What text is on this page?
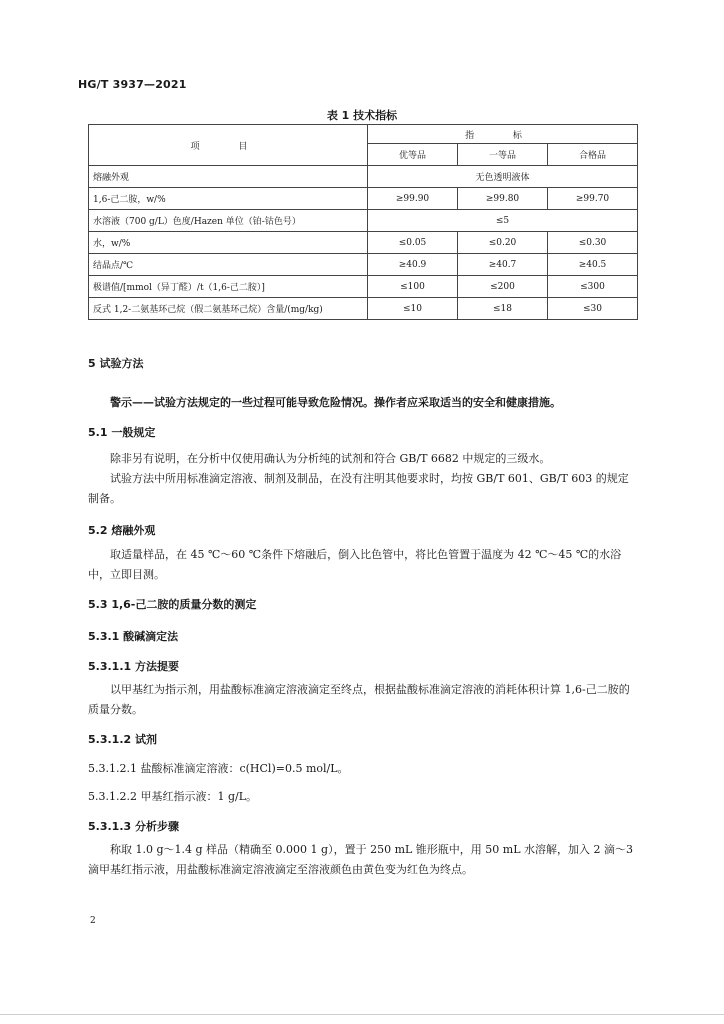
HG/T 3937—2021
表 1 技术指标
项 目	指 标		
	优等品	一等品	合格品
熔融外观	无色透明液体		
1,6-己二胺，w/%	≥99.90	≥99.80	≥99.70
水溶液（700 g/L）色度/Hazen 单位（铂-钴色号）	≤5		
水，w/%	≤0.05	≤0.20	≤0.30
结晶点/℃	≥40.9	≥40.7	≥40.5
极谱值/[mmol（异丁醛）/t（1,6-己二胺）]	≤100	≤200	≤300
反式 1,2-二氨基环己烷（假二氨基环己烷）含量/(mg/kg)	≤10	≤18	≤30
5 试验方法
警示——试验方法规定的一些过程可能导致危险情况。操作者应采取适当的安全和健康措施。
5.1 一般规定
除非另有说明，在分析中仅使用确认为分析纯的试剂和符合 GB/T 6682 中规定的三级水。
试验方法中所用标准滴定溶液、制剂及制品，在没有注明其他要求时，均按 GB/T 601、GB/T 603 的规定制备。
5.2 熔融外观
取适量样品，在 45 ℃～60 ℃条件下熔融后，倒入比色管中，将比色管置于温度为 42 ℃～45 ℃的水浴中，立即目测。
5.3 1,6-己二胺的质量分数的测定
5.3.1 酸碱滴定法
5.3.1.1 方法提要
以甲基红为指示剂，用盐酸标准滴定溶液滴定至终点，根据盐酸标准滴定溶液的消耗体积计算 1,6-己二胺的质量分数。
5.3.1.2 试剂
5.3.1.2.1 盐酸标准滴定溶液：c(HCl)=0.5 mol/L。
5.3.1.2.2 甲基红指示液：1 g/L。
5.3.1.3 分析步骤
称取 1.0 g～1.4 g 样品（精确至 0.000 1 g），置于 250 mL 锥形瓶中，用 50 mL 水溶解，加入 2 滴～3 滴甲基红指示液，用盐酸标准滴定溶液滴定至溶液颜色由黄色变为红色为终点。
2
